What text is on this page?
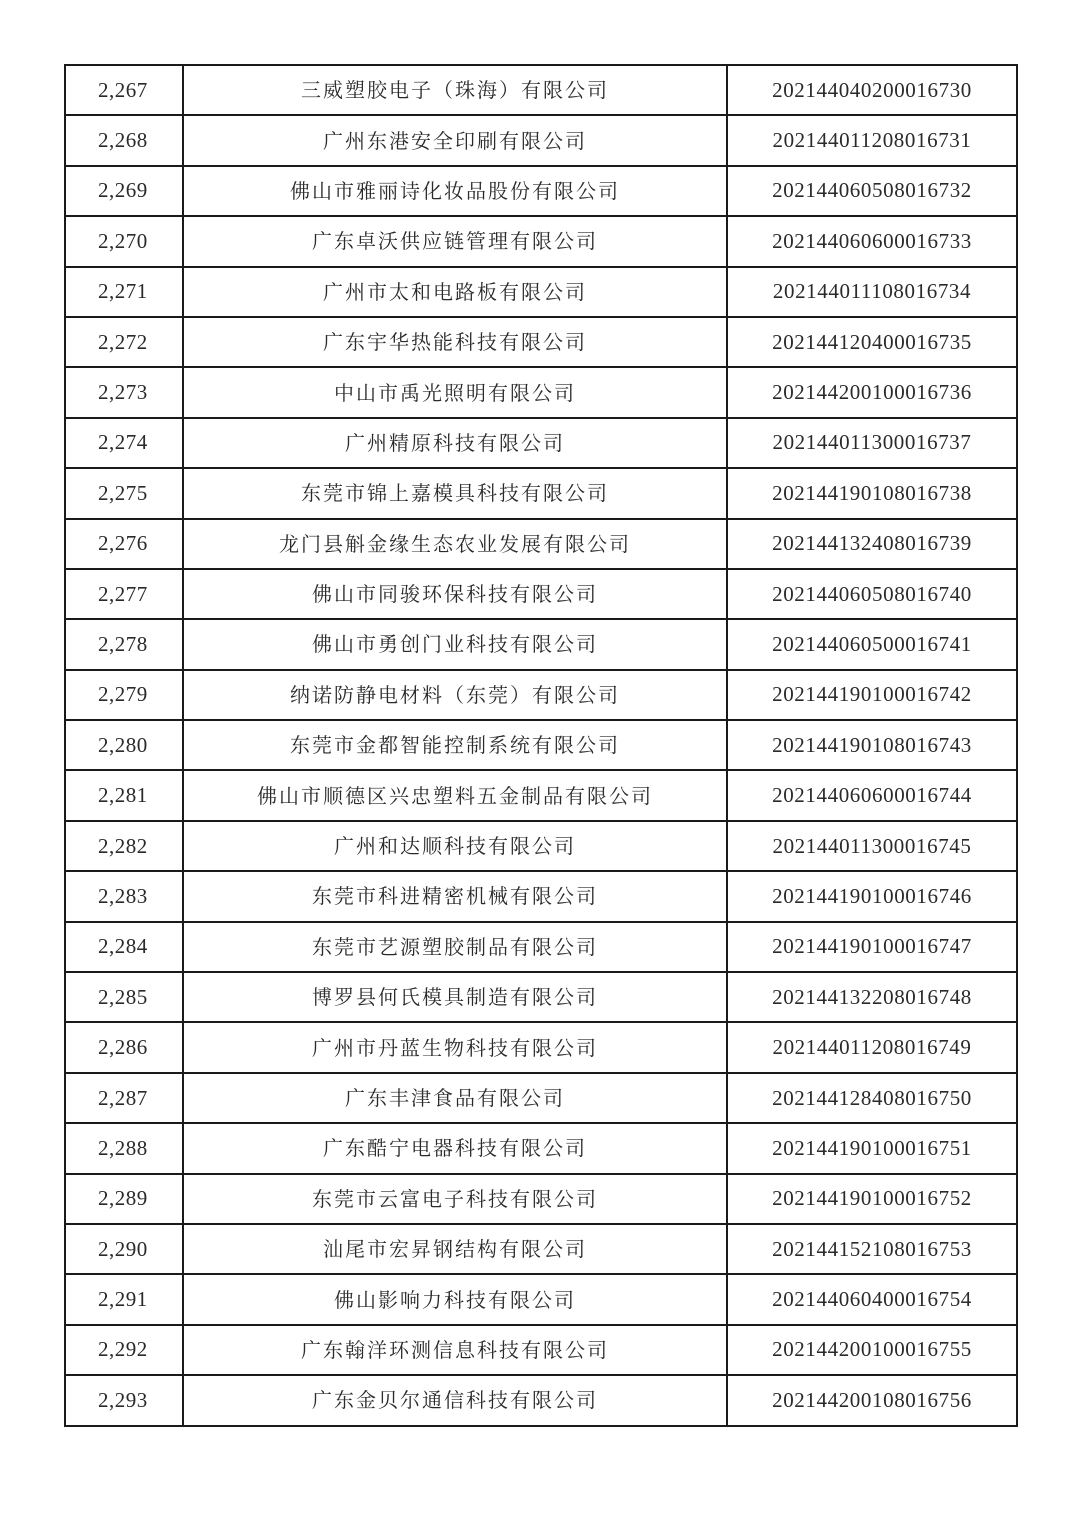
2,267	三威塑胶电子（珠海）有限公司	202144040200016730
2,268	广州东港安全印刷有限公司	202144011208016731
2,269	佛山市雅丽诗化妆品股份有限公司	202144060508016732
2,270	广东卓沃供应链管理有限公司	202144060600016733
2,271	广州市太和电路板有限公司	202144011108016734
2,272	广东宇华热能科技有限公司	202144120400016735
2,273	中山市禹光照明有限公司	202144200100016736
2,274	广州精原科技有限公司	202144011300016737
2,275	东莞市锦上嘉模具科技有限公司	202144190108016738
2,276	龙门县斛金缘生态农业发展有限公司	202144132408016739
2,277	佛山市同骏环保科技有限公司	202144060508016740
2,278	佛山市勇创门业科技有限公司	202144060500016741
2,279	纳诺防静电材料（东莞）有限公司	202144190100016742
2,280	东莞市金都智能控制系统有限公司	202144190108016743
2,281	佛山市顺德区兴忠塑料五金制品有限公司	202144060600016744
2,282	广州和达顺科技有限公司	202144011300016745
2,283	东莞市科进精密机械有限公司	202144190100016746
2,284	东莞市艺源塑胶制品有限公司	202144190100016747
2,285	博罗县何氏模具制造有限公司	202144132208016748
2,286	广州市丹蓝生物科技有限公司	202144011208016749
2,287	广东丰津食品有限公司	202144128408016750
2,288	广东酷宁电器科技有限公司	202144190100016751
2,289	东莞市云富电子科技有限公司	202144190100016752
2,290	汕尾市宏昇钢结构有限公司	202144152108016753
2,291	佛山影响力科技有限公司	202144060400016754
2,292	广东翰洋环测信息科技有限公司	202144200100016755
2,293	广东金贝尔通信科技有限公司	202144200108016756
